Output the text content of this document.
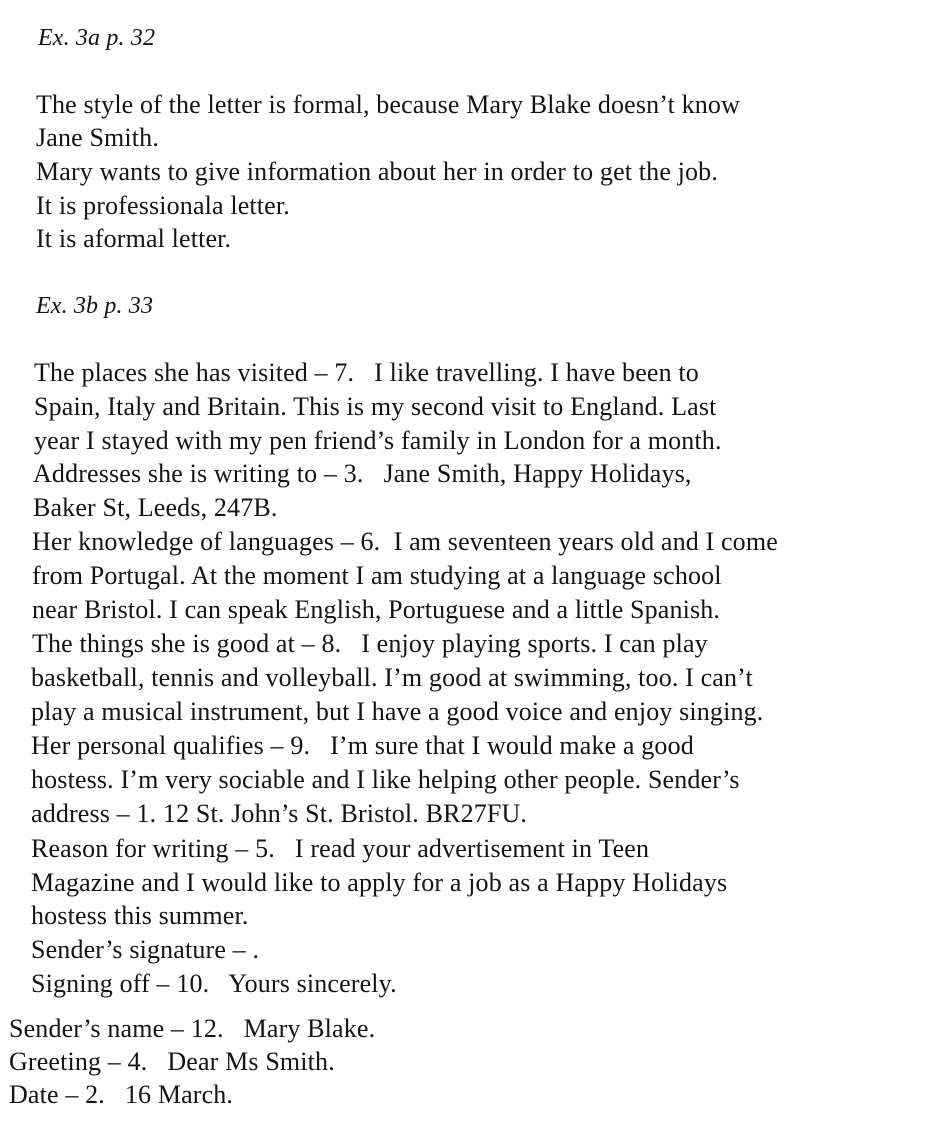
Ex. 3a p. 32
The style of the letter is formal, because Mary Blake doesn’t know
Jane Smith.
Mary wants to give information about her in order to get the job.
It is professionala letter.
It is aformal letter.
Ex. 3b p. 33
The places she has visited – 7.   I like travelling. I have been to
Spain, Italy and Britain. This is my second visit to England. Last
year I stayed with my pen friend’s family in London for a month.
Addresses she is writing to – 3.   Jane Smith, Happy Holidays,
Baker St, Leeds, 247B.
Her knowledge of languages – 6.  I am seventeen years old and I come
from Portugal. At the moment I am studying at a language school
near Bristol. I can speak English, Portuguese and a little Spanish.
The things she is good at – 8.   I enjoy playing sports. I can play
basketball, tennis and volleyball. I’m good at swimming, too. I can’t
play a musical instrument, but I have a good voice and enjoy singing.
Her personal qualifies – 9.   I’m sure that I would make a good
hostess. I’m very sociable and I like helping other people. Sender’s
address – 1. 12 St. John’s St. Bristol. BR27FU.
Reason for writing – 5.   I read your advertisement in Teen
Magazine and I would like to apply for a job as a Happy Holidays
hostess this summer.
Sender’s signature – .
Signing off – 10.   Yours sincerely.
Sender’s name – 12.   Mary Blake.
Greeting – 4.   Dear Ms Smith.
Date – 2.   16 March.
